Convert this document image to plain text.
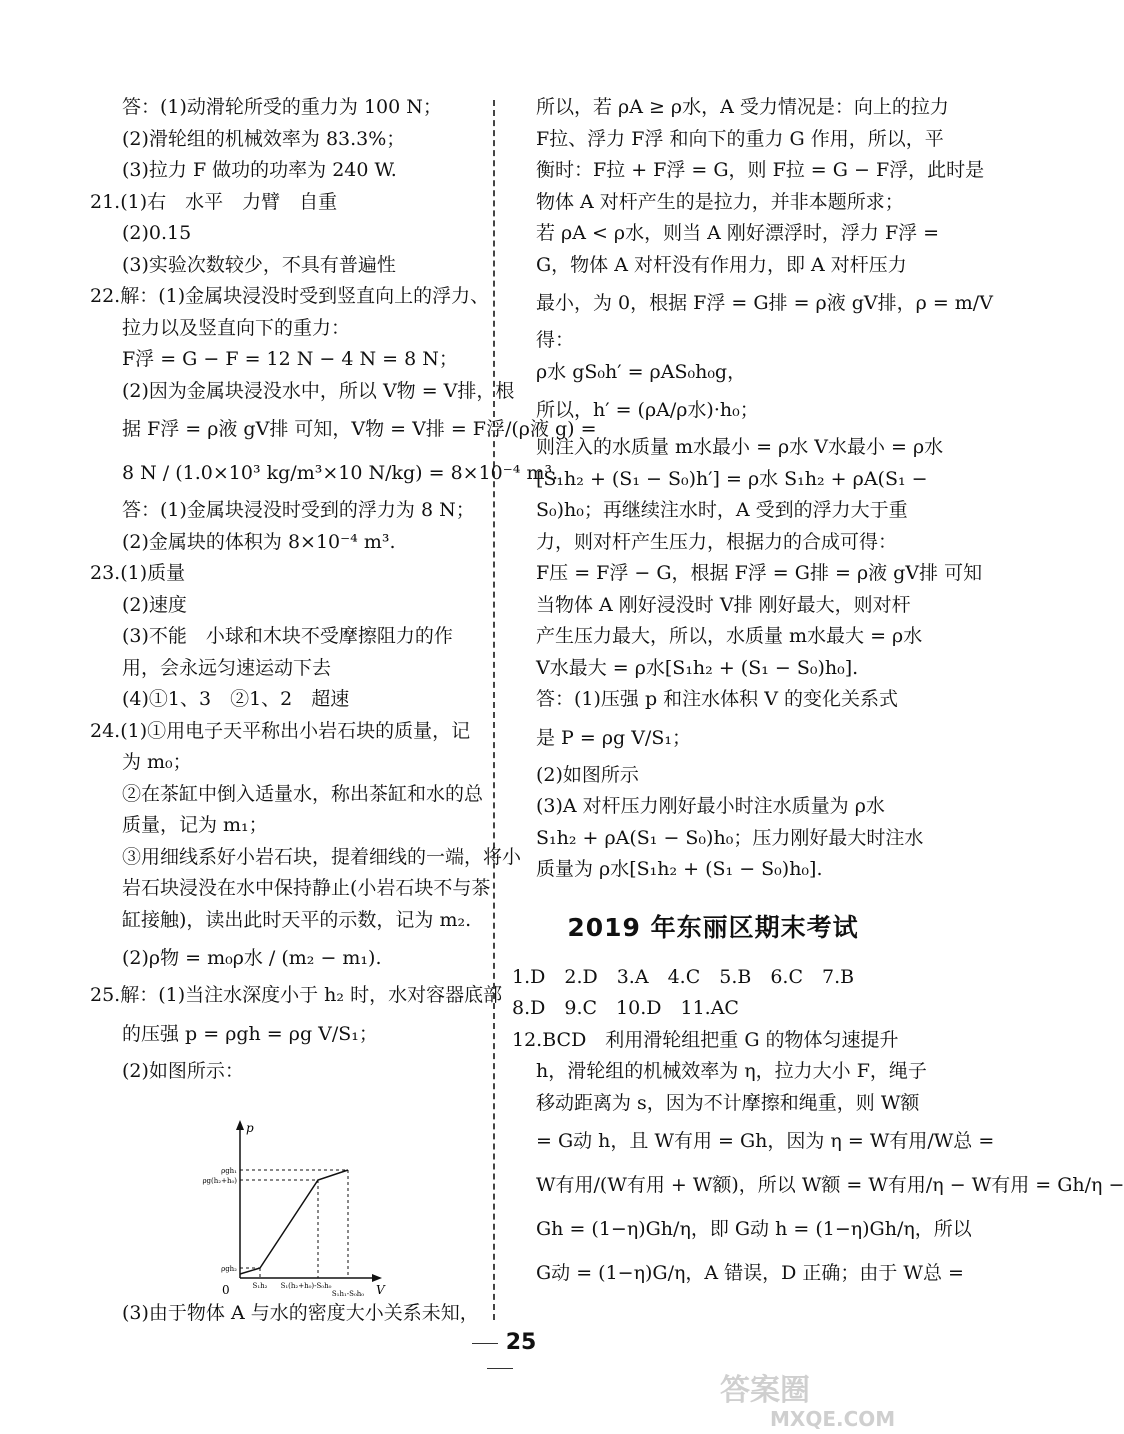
答：(1)动滑轮所受的重力为 100 N；
(2)滑轮组的机械效率为 83.3%；
(3)拉力 F 做功的功率为 240 W.
21.(1)右　水平　力臂　自重
(2)0.15
(3)实验次数较少，不具有普遍性
22.解：(1)金属块浸没时受到竖直向上的浮力、
拉力以及竖直向下的重力：
F浮 = G − F = 12 N − 4 N = 8 N；
(2)因为金属块浸没水中，所以 V物 = V排，根
据 F浮 = ρ液 gV排 可知，V物 = V排 = F浮/(ρ液 g) =
8 N / (1.0×10³ kg/m³×10 N/kg) = 8×10⁻⁴ m³.
答：(1)金属块浸没时受到的浮力为 8 N；
(2)金属块的体积为 8×10⁻⁴ m³.
23.(1)质量
(2)速度
(3)不能　小球和木块不受摩擦阻力的作
用，会永远匀速运动下去
(4)①1、3　②1、2　超速
24.(1)①用电子天平称出小岩石块的质量，记
为 m₀；
②在茶缸中倒入适量水，称出茶缸和水的总
质量，记为 m₁；
③用细线系好小岩石块，提着细线的一端，将小
岩石块浸没在水中保持静止(小岩石块不与茶
缸接触)，读出此时天平的示数，记为 m₂.
(2)ρ物 = m₀ρ水 / (m₂ − m₁).
25.解：(1)当注水深度小于 h₂ 时，水对容器底部
的压强 p = ρgh = ρg V/S₁；
(2)如图所示：
p
V
0
ρgh₁
ρg(h₂+h₀)
ρgh₂
S₁h₂ S₁(h₂+h₀)-S₀h₀
S₁h₁-S₀h₀
(3)由于物体 A 与水的密度大小关系未知，
所以，若 ρA ≥ ρ水，A 受力情况是：向上的拉力
F拉、浮力 F浮 和向下的重力 G 作用，所以，平
衡时：F拉 + F浮 = G，则 F拉 = G − F浮，此时是
物体 A 对杆产生的是拉力，并非本题所求；
若 ρA < ρ水，则当 A 刚好漂浮时，浮力 F浮 =
G，物体 A 对杆没有作用力，即 A 对杆压力
最小，为 0，根据 F浮 = G排 = ρ液 gV排，ρ = m/V
得：
ρ水 gS₀h′ = ρAS₀h₀g，
所以，h′ = (ρA/ρ水)·h₀；
则注入的水质量 m水最小 = ρ水 V水最小 = ρ水
[S₁h₂ + (S₁ − S₀)h′] = ρ水 S₁h₂ + ρA(S₁ −
S₀)h₀；再继续注水时，A 受到的浮力大于重
力，则对杆产生压力，根据力的合成可得：
F压 = F浮 − G，根据 F浮 = G排 = ρ液 gV排 可知
当物体 A 刚好浸没时 V排 刚好最大，则对杆
产生压力最大，所以，水质量 m水最大 = ρ水
V水最大 = ρ水[S₁h₂ + (S₁ − S₀)h₀].
答：(1)压强 p 和注水体积 V 的变化关系式
是 P = ρg V/S₁；
(2)如图所示
(3)A 对杆压力刚好最小时注水质量为 ρ水
S₁h₂ + ρA(S₁ − S₀)h₀；压力刚好最大时注水
质量为 ρ水[S₁h₂ + (S₁ − S₀)h₀].
2019 年东丽区期末考试
1.D　2.D　3.A　4.C　5.B　6.C　7.B
8.D　9.C　10.D　11.AC
12.BCD　利用滑轮组把重 G 的物体匀速提升
h，滑轮组的机械效率为 η，拉力大小 F，绳子
移动距离为 s，因为不计摩擦和绳重，则 W额
= G动 h，且 W有用 = Gh，因为 η = W有用/W总 =
W有用/(W有用 + W额)，所以 W额 = W有用/η − W有用 = Gh/η −
Gh = (1−η)Gh/η，即 G动 h = (1−η)Gh/η，所以
G动 = (1−η)G/η，A 错误，D 正确；由于 W总 =
25
答案圈
MXQE.COM
